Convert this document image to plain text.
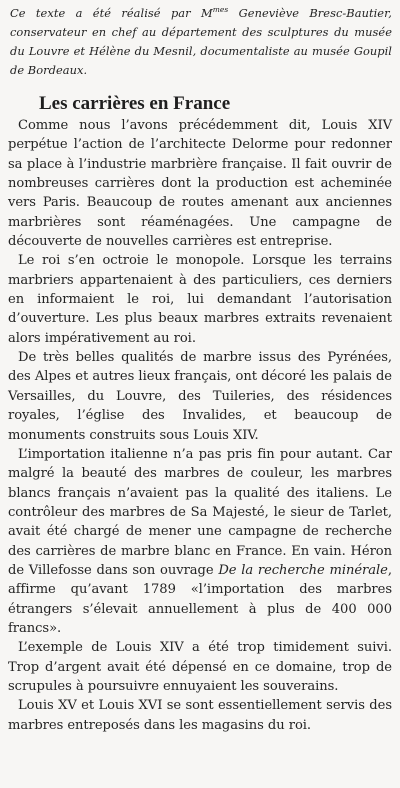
Ce texte a été réalisé par $M^{mes}$ Geneviève Bresc-Bautier, conservateur en chef au département des sculptures du musée du Louvre et Hélène du Mesnil, documentaliste au musée Goupil de Bordeaux.

Les carrières en France

Comme nous l’avons précédemment dit, Louis XIV perpétue l’action de l’architecte Delorme pour redonner sa place à l’industrie marbrière française. Il fait ouvrir de nombreuses carrières dont la production est acheminée vers Paris. Beaucoup de routes amenant aux anciennes marbrières sont réaménagées. Une campagne de découverte de nouvelles carrières est entreprise.

Le roi s’en octroie le monopole. Lorsque les terrains marbriers appartenaient à des particuliers, ces derniers en informaient le roi, lui demandant l’autorisation d’ouverture. Les plus beaux marbres extraits revenaient alors impérativement au roi.

De très belles qualités de marbre issus des Pyrénées, des Alpes et autres lieux français, ont décoré les palais de Versailles, du Louvre, des Tuileries, des résidences royales, l’église des Invalides, et beaucoup de monuments construits sous Louis XIV.

L’importation italienne n’a pas pris fin pour autant. Car malgré la beauté des marbres de couleur, les marbres blancs français n’avaient pas la qualité des italiens. Le contrôleur des marbres de Sa Majesté, le sieur de Tarlet, avait été chargé de mener une campagne de recherche des carrières de marbre blanc en France. En vain. Héron de Villefosse dans son ouvrage De la recherche minérale, affirme qu’avant 1789 «l’importation des marbres étrangers s’élevait annuellement à plus de 400 000 francs».

L’exemple de Louis XIV a été trop timidement suivi. Trop d’argent avait été dépensé en ce domaine, trop de scrupules à poursuivre ennuyaient les souverains.

Louis XV et Louis XVI se sont essentiellement servis des marbres entreposés dans les magasins du roi.
